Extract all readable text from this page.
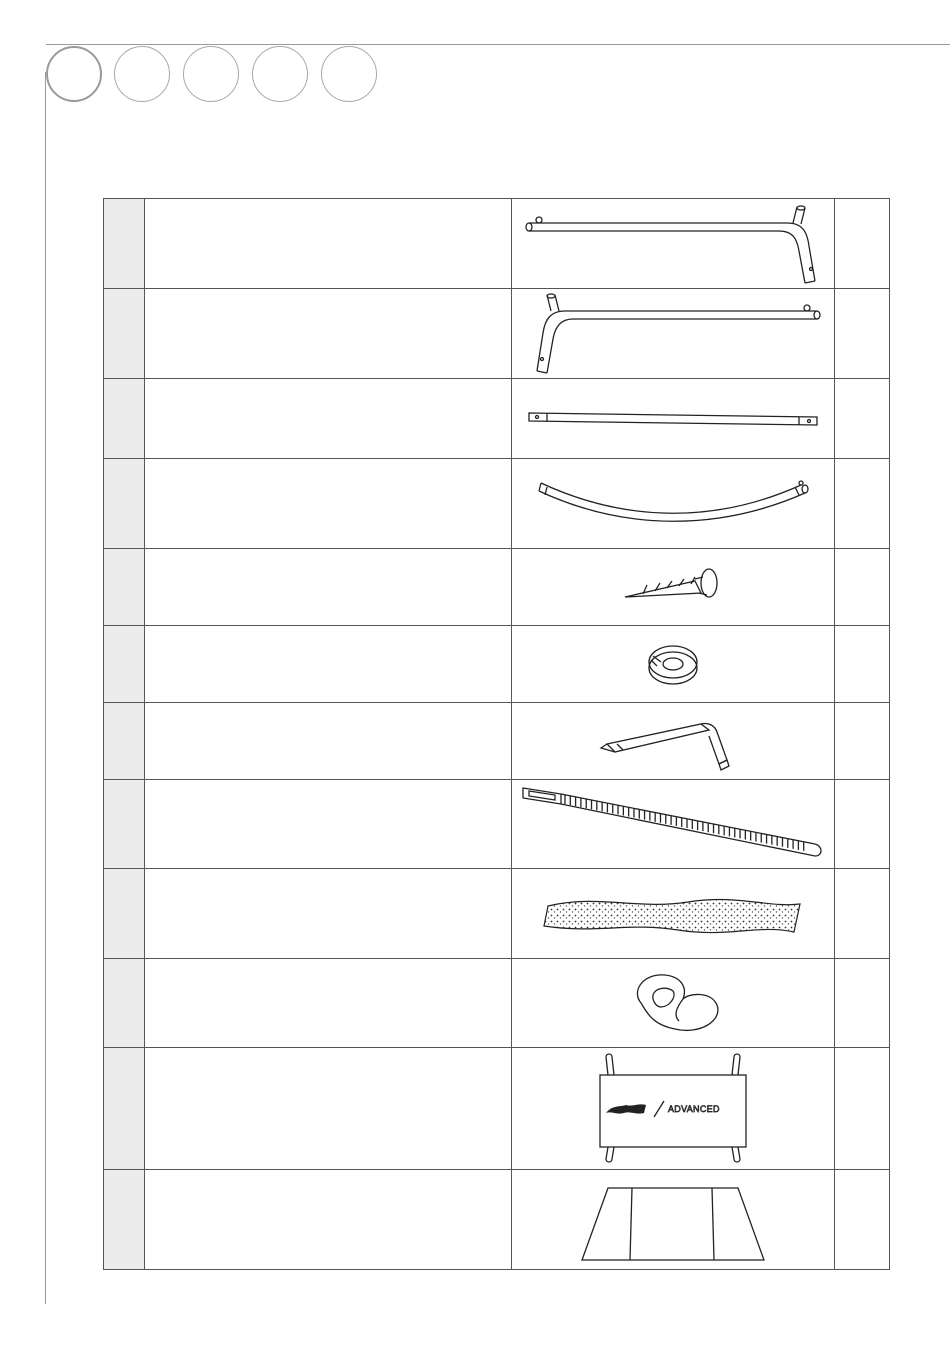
ADVANCED	
